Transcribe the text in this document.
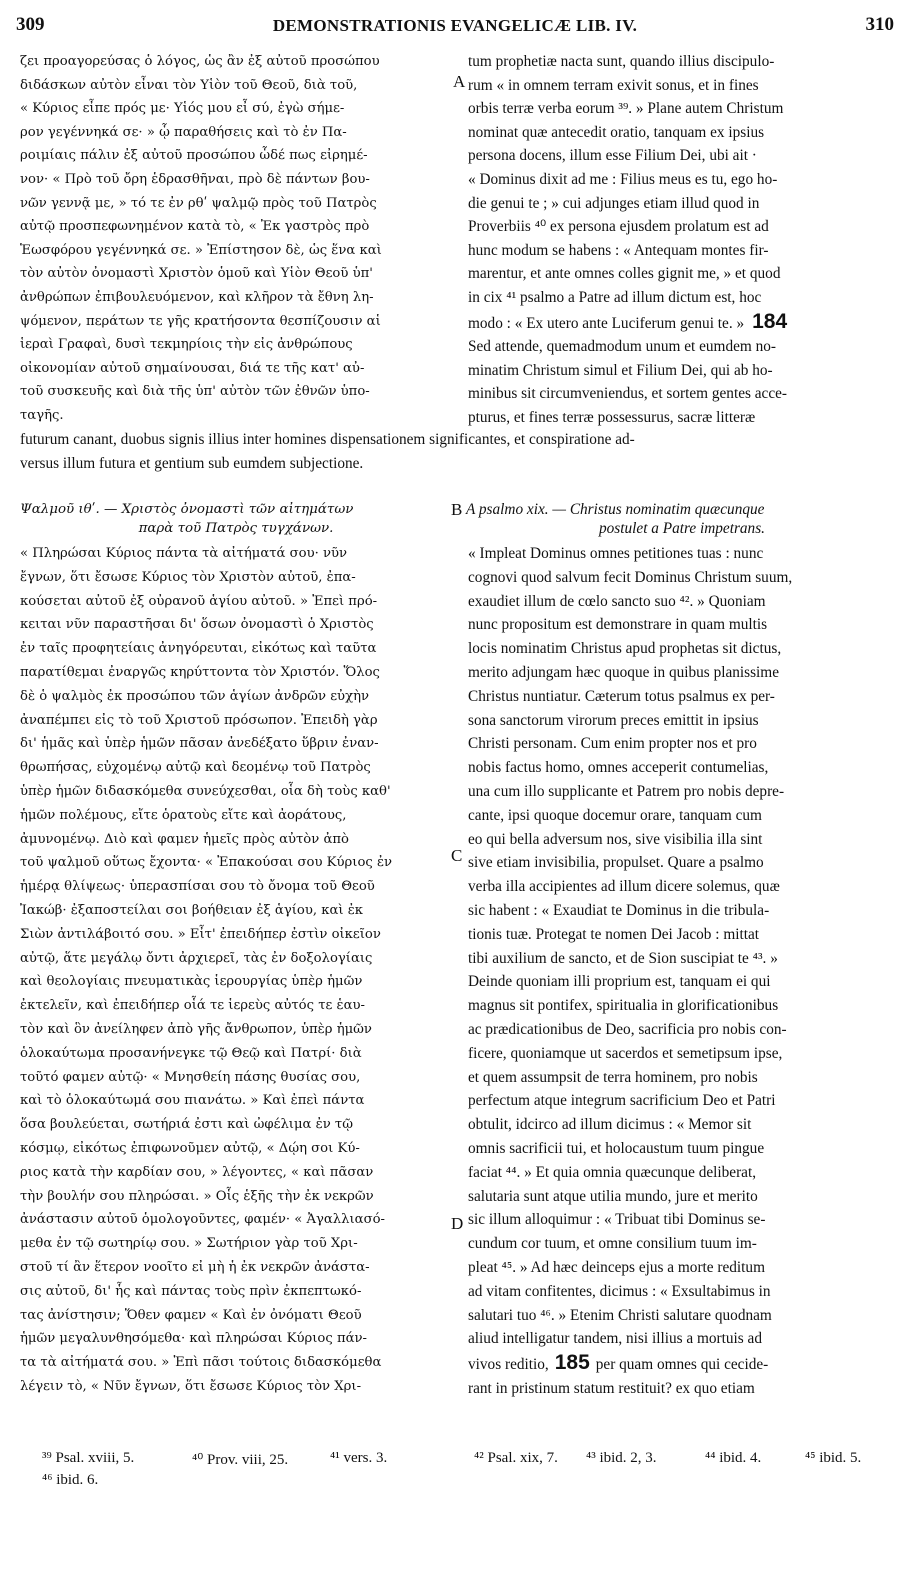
309	DEMONSTRATIONIS EVANGELICÆ LIB. IV.	310
ζει προαγορεύσας ὁ λόγος, ὡς ἂν ἐξ αὐτοῦ προσώπου
διδάσκων αὐτὸν εἶναι τὸν Υἱὸν τοῦ Θεοῦ, διὰ τοῦ,
« Κύριος εἶπε πρός με· Υἱός μου εἶ σύ, ἐγὼ σήμε-
ρον γεγέννηκά σε· » ᾧ παραθήσεις καὶ τὸ ἐν Πα-
ροιμίαις πάλιν ἐξ αὐτοῦ προσώπου ὧδέ πως εἰρημέ-
νον· « Πρὸ τοῦ ὄρη ἑδρασθῆναι, πρὸ δὲ πάντων βου-
νῶν γεννᾷ με, » τό τε ἐν ρθʹ ψαλμῷ πρὸς τοῦ Πατρὸς
αὐτῷ προσπεφωνημένον κατὰ τὸ, « Ἐκ γαστρὸς πρὸ
Ἑωσφόρου γεγέννηκά σε. » Ἐπίστησον δὲ, ὡς ἕνα καὶ
τὸν αὐτὸν ὀνομαστὶ Χριστὸν ὁμοῦ καὶ Υἱὸν Θεοῦ ὑπ'
ἀνθρώπων ἐπιβουλευόμενον, καὶ κλῆρον τὰ ἔθνη λη-
ψόμενον, περάτων τε γῆς κρατήσοντα θεσπίζουσιν αἱ
ἱεραὶ Γραφαὶ, δυσὶ τεκμηρίοις τὴν εἰς ἀνθρώπους
οἰκονομίαν αὐτοῦ σημαίνουσαι, διά τε τῆς κατ' αὐ-
τοῦ συσκευῆς καὶ διὰ τῆς ὑπ' αὐτὸν τῶν ἐθνῶν ὑπο-
ταγῆς.
tum prophetiæ nacta sunt, quando illius discipulo-
rum « in omnem terram exivit sonus, et in fines
orbis terræ verba eorum ³⁹. » Plane autem Christum
nominat quæ antecedit oratio, tanquam ex ipsius
persona docens, illum esse Filium Dei, ubi ait ·
« Dominus dixit ad me : Filius meus es tu, ego ho-
die genui te ; » cui adjunges etiam illud quod in
Proverbiis ⁴⁰ ex persona ejusdem prolatum est ad
hunc modum se habens : « Antequam montes fir-
marentur, et ante omnes colles gignit me, » et quod
in cix ⁴¹ psalmo a Patre ad illum dictum est, hoc
modo : « Ex utero ante Luciferum genui te. » 184
Sed attende, quemadmodum unum et eumdem no-
minatim Christum simul et Filium Dei, qui ab ho-
minibus sit circumveniendus, et sortem gentes acce-
pturus, et fines terræ possessurus, sacræ litteræ
A
futurum canant, duobus signis illius inter homines dispensationem significantes, et conspiratione ad-
versus illum futura et gentium sub eumdem subjectione.
Ψαλμοῦ ιθʹ. — Χριστὸς ὀνομαστὶ τῶν αἰτημάτων
παρὰ τοῦ Πατρὸς τυγχάνων.
B A psalmo xix. — Christus nominatim quæcunque
postulet a Patre impetrans.
« Πληρώσαι Κύριος πάντα τὰ αἰτήματά σου· νῦν
ἔγνων, ὅτι ἔσωσε Κύριος τὸν Χριστὸν αὐτοῦ, ἐπα-
κούσεται αὐτοῦ ἐξ οὐρανοῦ ἁγίου αὐτοῦ. » Ἐπεὶ πρό-
κειται νῦν παραστῆσαι δι' ὅσων ὀνομαστὶ ὁ Χριστὸς
ἐν ταῖς προφητείαις ἀνηγόρευται, εἰκότως καὶ ταῦτα
παρατίθεμαι ἐναργῶς κηρύττοντα τὸν Χριστόν. Ὅλος
δὲ ὁ ψαλμὸς ἐκ προσώπου τῶν ἁγίων ἀνδρῶν εὐχὴν
ἀναπέμπει εἰς τὸ τοῦ Χριστοῦ πρόσωπον. Ἐπειδὴ γὰρ
δι' ἡμᾶς καὶ ὑπὲρ ἡμῶν πᾶσαν ἀνεδέξατο ὕβριν ἐναν-
θρωπήσας, εὐχομένῳ αὐτῷ καὶ δεομένῳ τοῦ Πατρὸς
ὑπὲρ ἡμῶν διδασκόμεθα συνεύχεσθαι, οἷα δὴ τοὺς καθ'
ἡμῶν πολέμους, εἴτε ὁρατοὺς εἴτε καὶ ἀοράτους,
ἀμυνομένῳ. Διὸ καὶ φαμεν ἡμεῖς πρὸς αὐτὸν ἀπὸ
τοῦ ψαλμοῦ οὕτως ἔχοντα· « Ἐπακούσαι σου Κύριος ἐν
ἡμέρᾳ θλίψεως· ὑπερασπίσαι σου τὸ ὄνομα τοῦ Θεοῦ
Ἰακώβ· ἐξαποστείλαι σοι βοήθειαν ἐξ ἁγίου, καὶ ἐκ
Σιὼν ἀντιλάβοιτό σου. » Εἶτ' ἐπειδήπερ ἐστὶν οἰκεῖον
αὐτῷ, ἅτε μεγάλῳ ὄντι ἀρχιερεῖ, τὰς ἐν δοξολογίαις
καὶ θεολογίαις πνευματικὰς ἱερουργίας ὑπὲρ ἡμῶν
ἐκτελεῖν, καὶ ἐπειδήπερ οἷά τε ἱερεὺς αὐτός τε ἑαυ-
τὸν καὶ ὃν ἀνείληφεν ἀπὸ γῆς ἄνθρωπον, ὑπὲρ ἡμῶν
ὁλοκαύτωμα προσανήνεγκε τῷ Θεῷ καὶ Πατρί· διὰ
τοῦτό φαμεν αὐτῷ· « Μνησθείη πάσης θυσίας σου,
καὶ τὸ ὁλοκαύτωμά σου πιανάτω. » Καὶ ἐπεὶ πάντα
ὅσα βουλεύεται, σωτήριά ἐστι καὶ ὠφέλιμα ἐν τῷ
κόσμῳ, εἰκότως ἐπιφωνοῦμεν αὐτῷ, « Δῴη σοι Κύ-
ριος κατὰ τὴν καρδίαν σου, » λέγοντες, « καὶ πᾶσαν
τὴν βουλήν σου πληρώσαι. » Οἷς ἑξῆς τὴν ἐκ νεκρῶν
ἀνάστασιν αὐτοῦ ὁμολογοῦντες, φαμέν· « Ἀγαλλιασό-
μεθα ἐν τῷ σωτηρίῳ σου. » Σωτήριον γὰρ τοῦ Χρι-
στοῦ τί ἂν ἕτερον νοοῖτο εἰ μὴ ἡ ἐκ νεκρῶν ἀνάστα-
σις αὐτοῦ, δι' ἧς καὶ πάντας τοὺς πρὶν ἐκπεπτωκό-
τας ἀνίστησιν; Ὅθεν φαμεν « Καὶ ἐν ὀνόματι Θεοῦ
ἡμῶν μεγαλυνθησόμεθα· καὶ πληρώσαι Κύριος πάν-
τα τὰ αἰτήματά σου. » Ἐπὶ πᾶσι τούτοις διδασκόμεθα
λέγειν τὸ, « Νῦν ἔγνων, ὅτι ἔσωσε Κύριος τὸν Χρι-
« Impleat Dominus omnes petitiones tuas : nunc
cognovi quod salvum fecit Dominus Christum suum,
exaudiet illum de cœlo sancto suo ⁴². » Quoniam
nunc propositum est demonstrare in quam multis
locis nominatim Christus apud prophetas sit dictus,
merito adjungam hæc quoque in quibus planissime
Christus nuntiatur. Cæterum totus psalmus ex per-
sona sanctorum virorum preces emittit in ipsius
Christi personam. Cum enim propter nos et pro
nobis factus homo, omnes acceperit contumelias,
una cum illo supplicante et Patrem pro nobis depre-
cante, ipsi quoque docemur orare, tanquam cum
eo qui bella adversum nos, sive visibilia illa sint
sive etiam invisibilia, propulset. Quare a psalmo
verba illa accipientes ad illum dicere solemus, quæ
sic habent : « Exaudiat te Dominus in die tribula-
tionis tuæ. Protegat te nomen Dei Jacob : mittat
tibi auxilium de sancto, et de Sion suscipiat te ⁴³. »
Deinde quoniam illi proprium est, tanquam ei qui
magnus sit pontifex, spiritualia in glorificationibus
ac prædicationibus de Deo, sacrificia pro nobis con-
ficere, quoniamque ut sacerdos et semetipsum ipse,
et quem assumpsit de terra hominem, pro nobis
perfectum atque integrum sacrificium Deo et Patri
obtulit, idcirco ad illum dicimus : « Memor sit
omnis sacrificii tui, et holocaustum tuum pingue
faciat ⁴⁴. » Et quia omnia quæcunque deliberat,
salutaria sunt atque utilia mundo, jure et merito
sic illum alloquimur : « Tribuat tibi Dominus se-
cundum cor tuum, et omne consilium tuum im-
pleat ⁴⁵. » Ad hæc deinceps ejus a morte reditum
ad vitam confitentes, dicimus : « Exsultabimus in
salutari tuo ⁴⁶. » Etenim Christi salutare quodnam
aliud intelligatur tandem, nisi illius a mortuis ad
vivos reditio, 185 per quam omnes qui cecide-
rant in pristinum statum restituit? ex quo etiam
C
D
³⁹ Psal. xviii, 5.	⁴⁰ Prov. viii, 25.	⁴¹ vers. 3.	⁴² Psal. xix, 7. ⁴³ ibid. 2, 3.	⁴⁴ ibid. 4.	⁴⁵ ibid. 5.
⁴⁶ ibid. 6.
